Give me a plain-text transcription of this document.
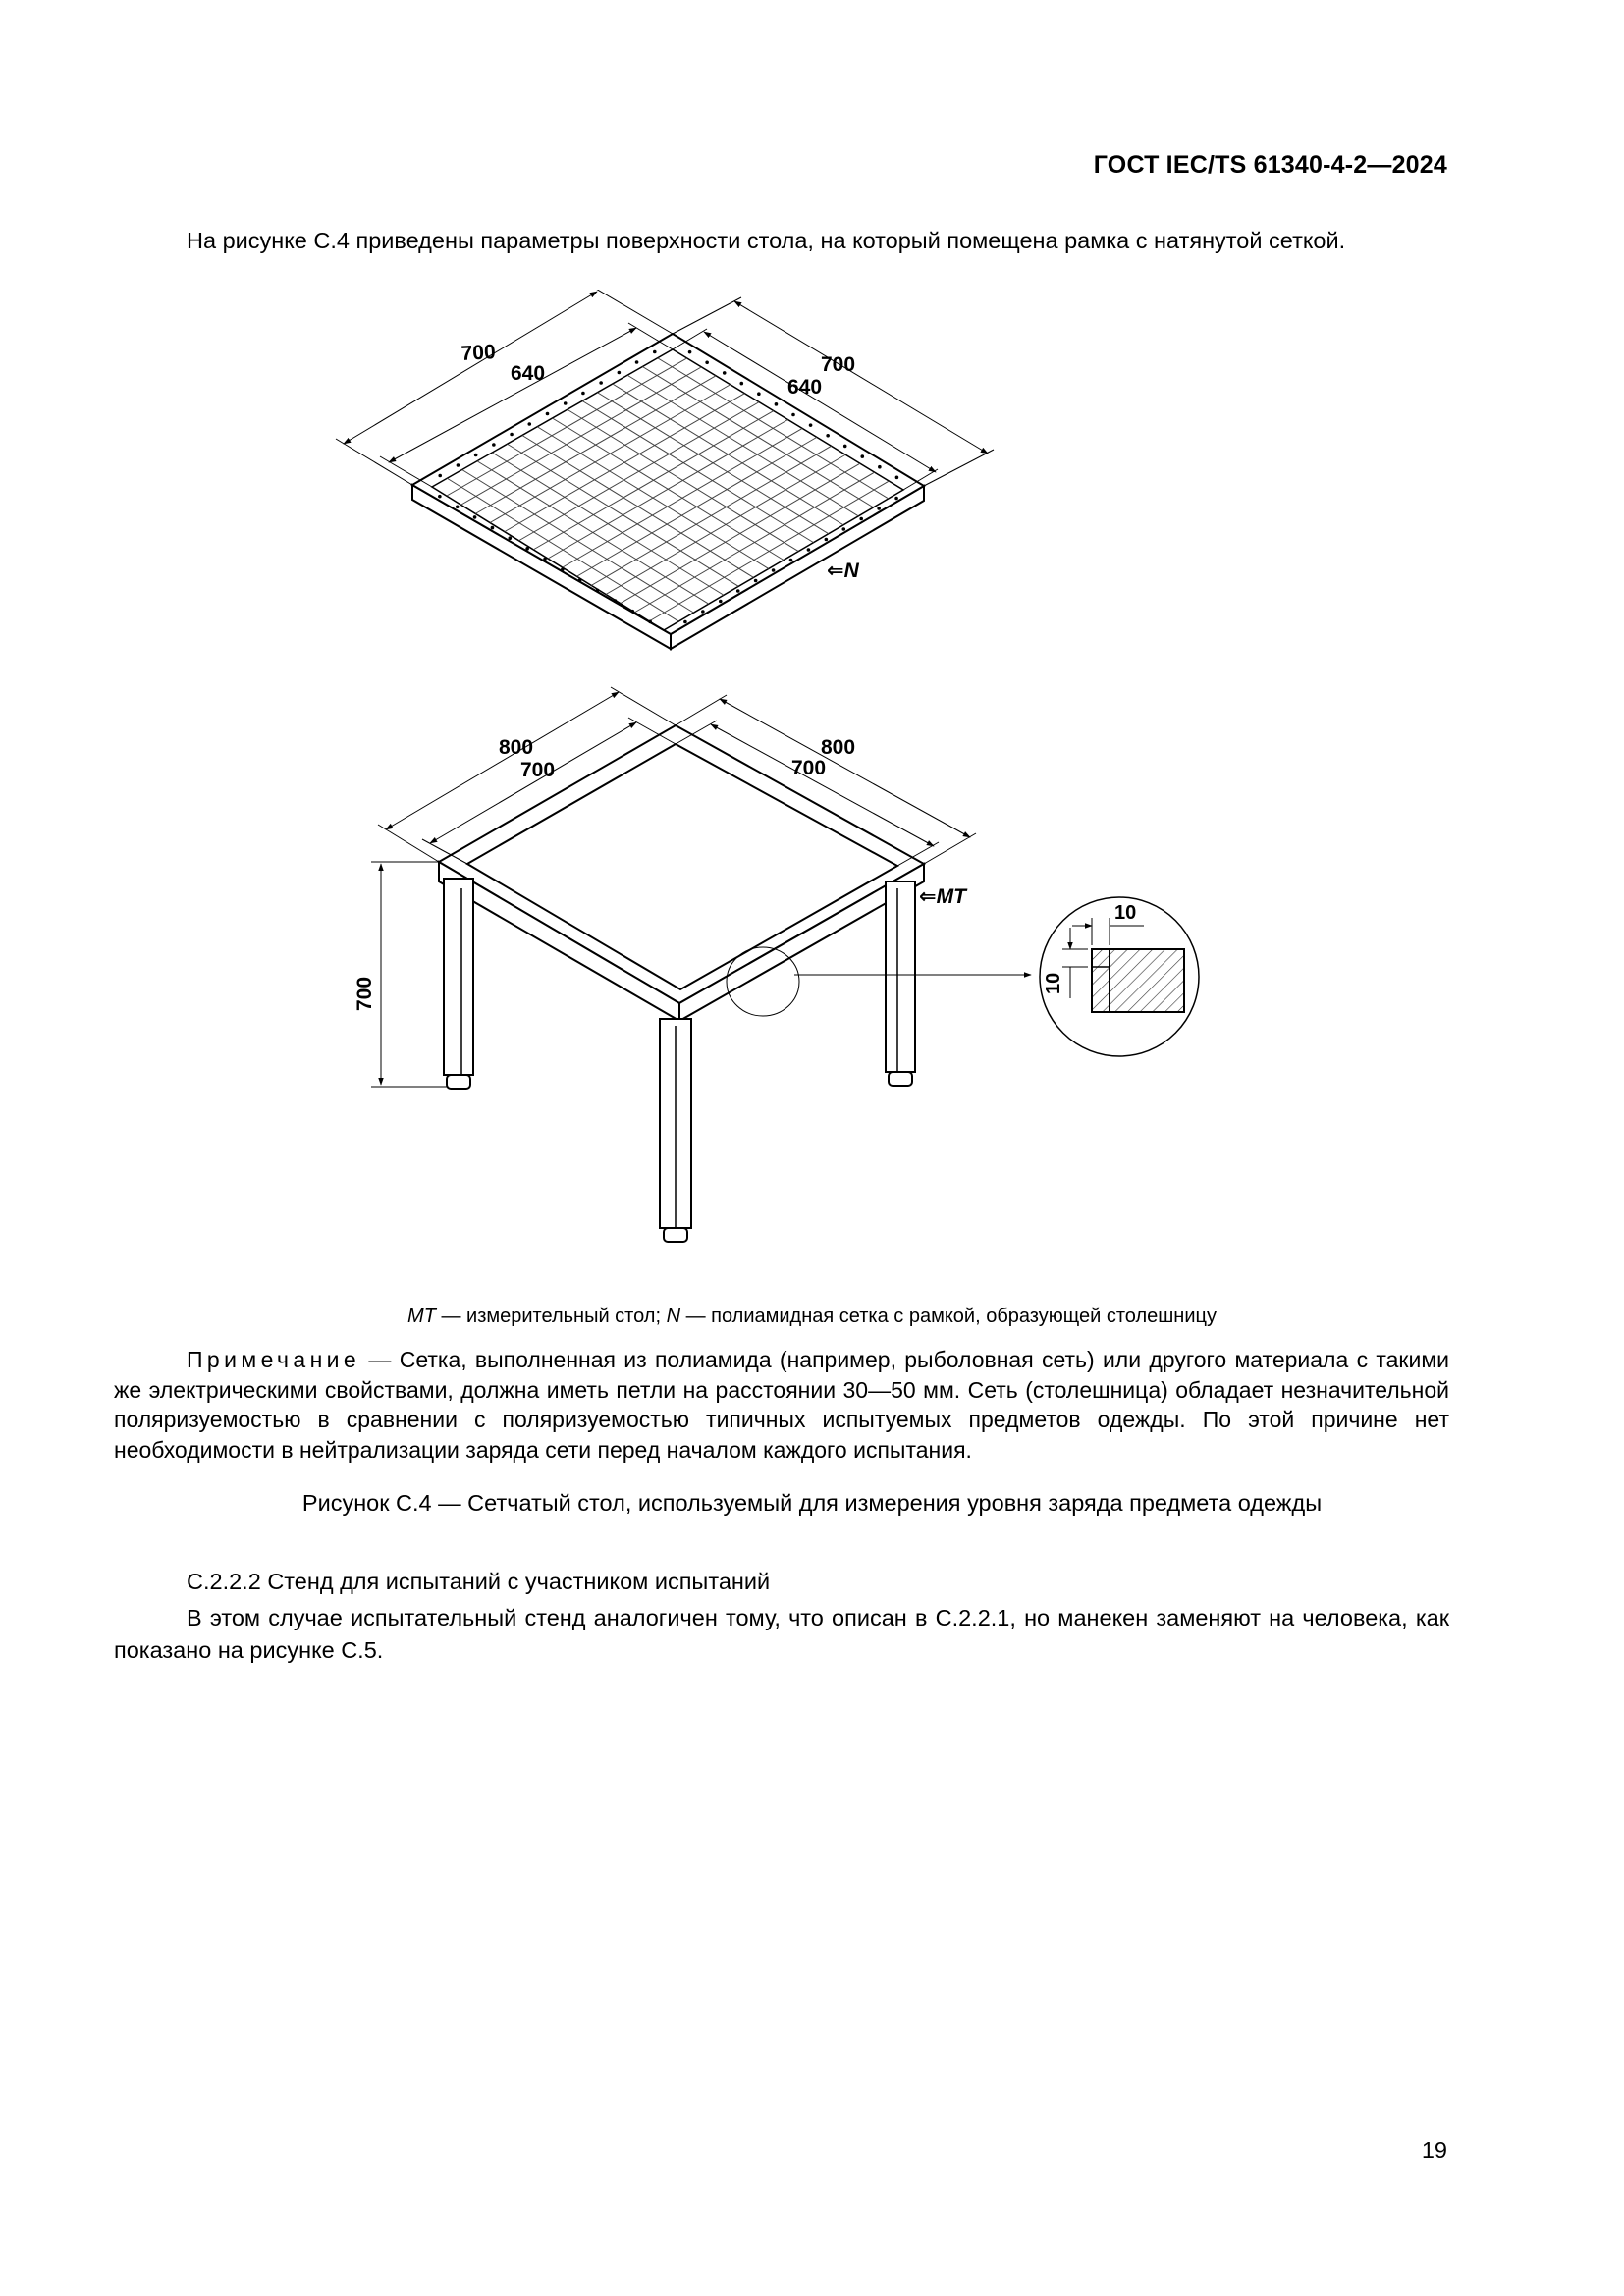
ГОСТ IEC/TS 61340-4-2—2024
На рисунке С.4 приведены параметры поверхности стола, на который помещена рамка с натянутой сеткой.
700
640	700
640
⇐N
800
700
800
700
700
⇐MT
10
10
MT — измерительный стол; N — полиамидная сетка с рамкой, образующей столешницу
Примечание — Сетка, выполненная из полиамида (например, рыболовная сеть) или другого материала с такими же электрическими свойствами, должна иметь петли на расстоянии 30—50 мм. Сеть (столешница) обладает незначительной поляризуемостью в сравнении с поляризуемостью типичных испытуемых предметов одежды. По этой причине нет необходимости в нейтрализации заряда сети перед началом каждого испытания.
Рисунок С.4 — Сетчатый стол, используемый для измерения уровня заряда предмета одежды
С.2.2.2 Стенд для испытаний с участником испытаний
В этом случае испытательный стенд аналогичен тому, что описан в С.2.2.1, но манекен заменяют на человека, как показано на рисунке С.5.
19
